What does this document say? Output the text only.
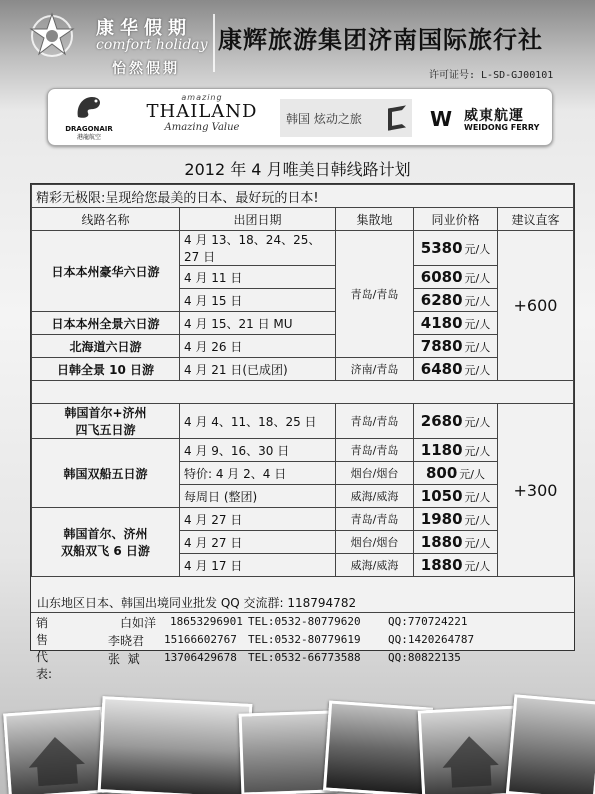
康华假期
comfort holiday
怡然假期
康辉旅游集团济南国际旅行社
许可证号: L-SD-GJ00101
DRAGONAIR
港龍航空
amazing
THAILAND
Amazing Value
韩国 炫动之旅	W 威東航運
WEIDONG FERRY
2012 年 4 月唯美日韩线路计划
精彩无极限:呈现给您最美的日本、最好玩的日本!				
线路名称	出团日期	集散地	同业价格	建议直客
日本本州豪华六日游	4 月 13、18、24、25、27 日	青岛/青岛	5380 元/人	+600
	4 月 11 日		6080 元/人	
	4 月 15 日		6280 元/人	
日本本州全景六日游	4 月 15、21 日 MU		4180 元/人	
北海道六日游	4 月 26 日		7880 元/人	
日韩全景 10 日游	4 月 21 日(已成团)	济南/青岛	6480 元/人	

韩国首尔+济州
四飞五日游	4 月 4、11、18、25 日	青岛/青岛	2680 元/人	+300
韩国双船五日游	4 月 9、16、30 日	青岛/青岛	1180 元/人	
	特价: 4 月 2、4 日	烟台/烟台	800 元/人	
	每周日 (整团)	威海/威海	1050 元/人	
韩国首尔、济州
双船双飞 6 日游	4 月 27 日	青岛/青岛	1980 元/人	
	4 月 27 日	烟台/烟台	1880 元/人	
	4 月 17 日	威海/威海	1880 元/人	
山东地区日本、韩国出境同业批发 QQ 交流群: 118794782
销售代表:
白如洋 18653296901 TEL:0532-80779620 QQ:770724221
李晓君 15166602767 TEL:0532-80779619 QQ:1420264787
张  斌 13706429678 TEL:0532-66773588 QQ:80822135
